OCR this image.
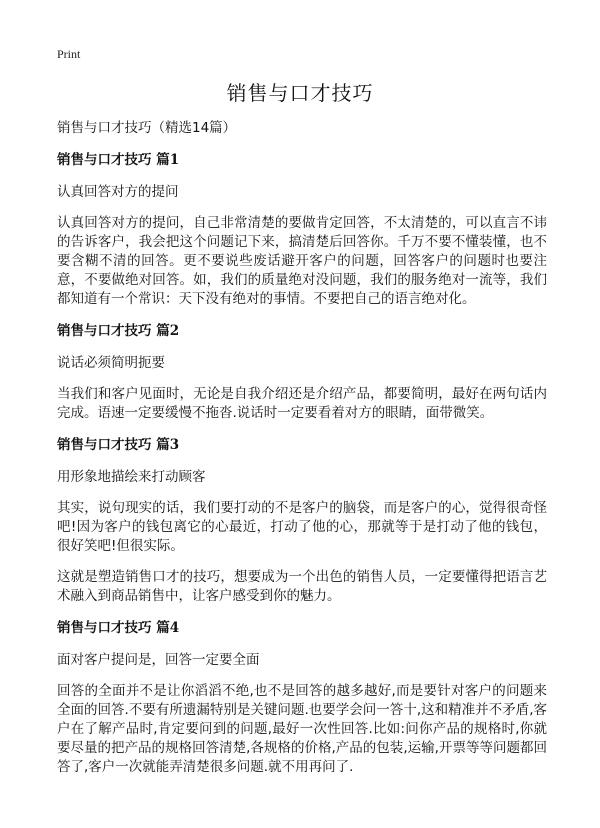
Print
销售与口才技巧

销售与口才技巧（精选14篇）

销售与口才技巧 篇1

认真回答对方的提问

认真回答对方的提问，自己非常清楚的要做肯定回答，不太清楚的，可以直言不讳的告诉客户，我会把这个问题记下来，搞清楚后回答你。千万不要不懂装懂，也不要含糊不清的回答。更不要说些废话避开客户的问题，回答客户的问题时也要注意，不要做绝对回答。如，我们的质量绝对没问题，我们的服务绝对一流等，我们都知道有一个常识：天下没有绝对的事情。不要把自己的语言绝对化。

销售与口才技巧 篇2

说话必须简明扼要

当我们和客户见面时，无论是自我介绍还是介绍产品，都要简明，最好在两句话内完成。语速一定要缓慢不拖沓.说话时一定要看着对方的眼睛，面带微笑。

销售与口才技巧 篇3

用形象地描绘来打动顾客

其实，说句现实的话，我们要打动的不是客户的脑袋，而是客户的心，觉得很奇怪吧!因为客户的钱包离它的心最近，打动了他的心，那就等于是打动了他的钱包，很好笑吧!但很实际。

这就是塑造销售口才的技巧，想要成为一个出色的销售人员，一定要懂得把语言艺术融入到商品销售中，让客户感受到你的魅力。

销售与口才技巧 篇4

面对客户提问是，回答一定要全面

回答的全面并不是让你滔滔不绝,也不是回答的越多越好,而是要针对客户的问题来全面的回答.不要有所遗漏特别是关键问题.也要学会问一答十,这和精准并不矛盾,客户在了解产品时,肯定要问到的问题,最好一次性回答.比如:问你产品的规格时,你就要尽量的把产品的规格回答清楚,各规格的价格,产品的包装,运输,开票等等问题都回答了,客户一次就能弄清楚很多问题.就不用再问了.
